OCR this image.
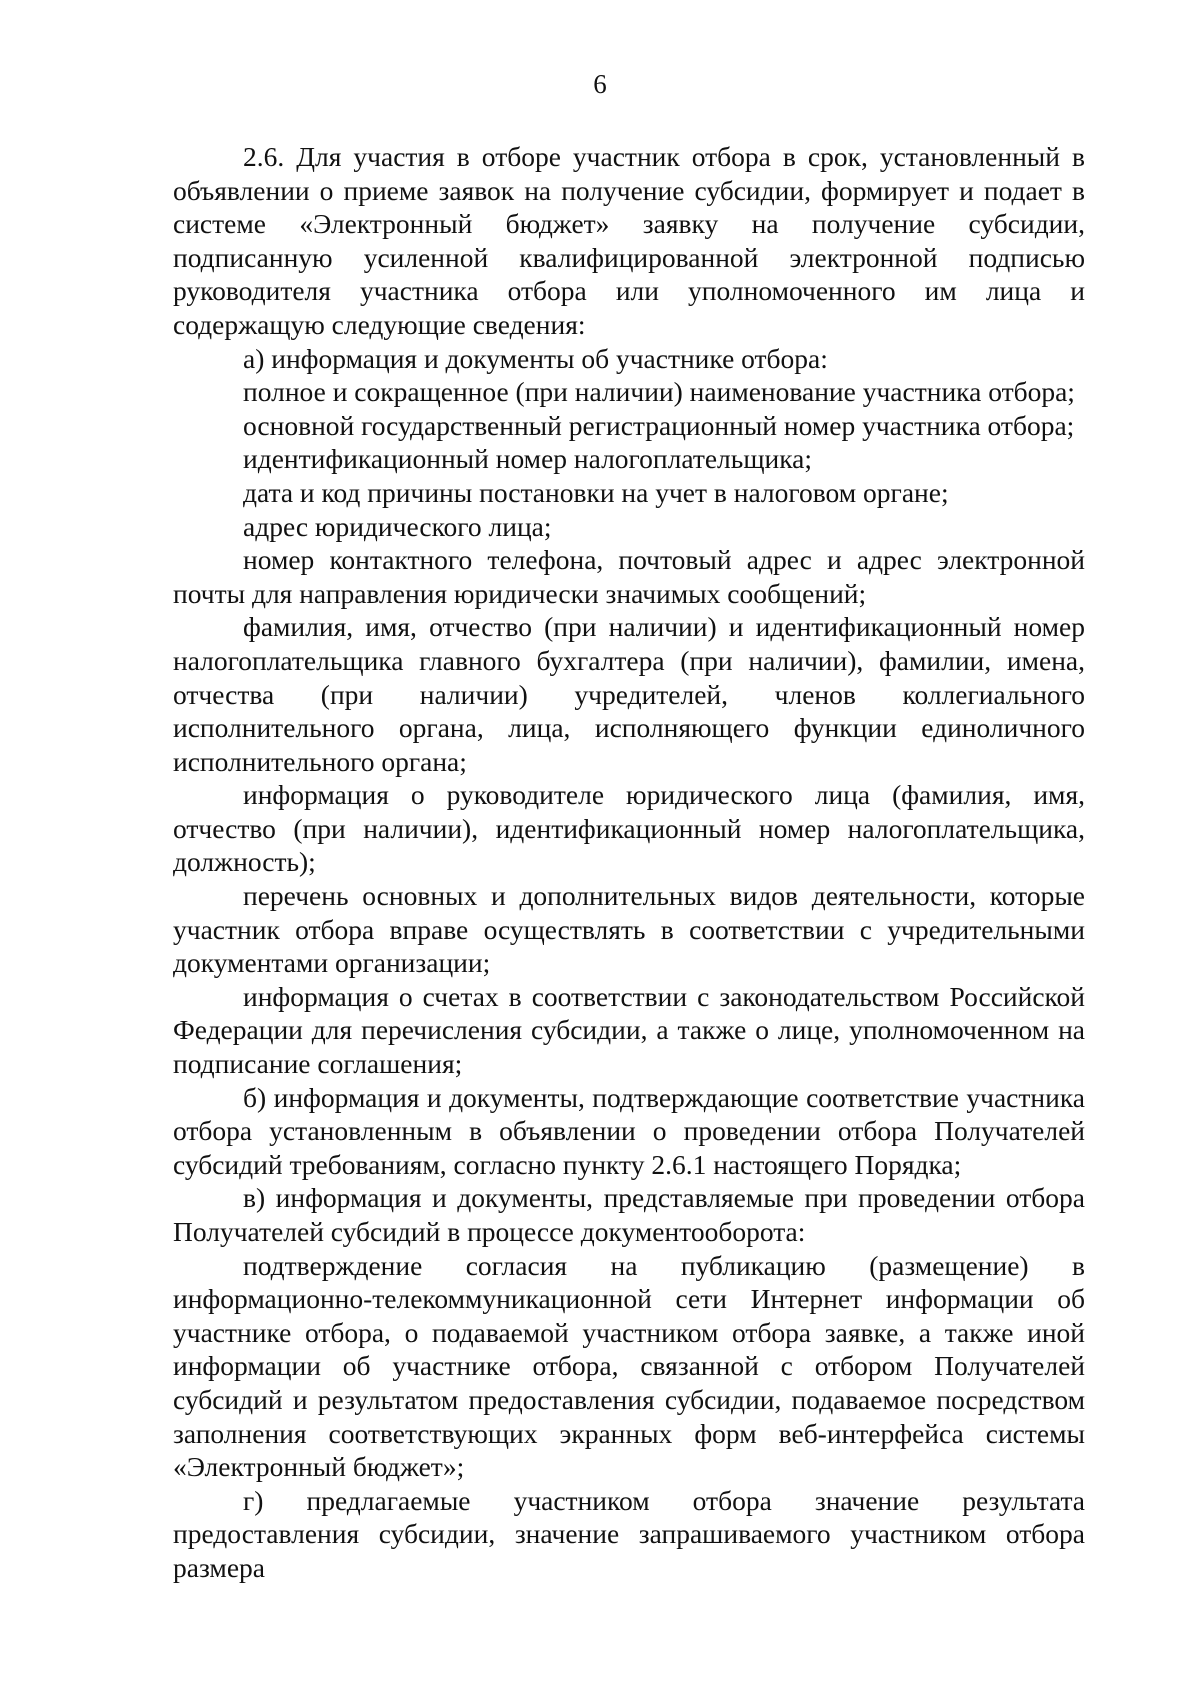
6

2.6. Для участия в отборе участник отбора в срок, установленный в объявлении о приеме заявок на получение субсидии, формирует и подает в системе «Электронный бюджет» заявку на получение субсидии, подписанную усиленной квалифицированной электронной подписью руководителя участника отбора или уполномоченного им лица и содержащую следующие сведения:

а) информация и документы об участнике отбора:

полное и сокращенное (при наличии) наименование участника отбора;

основной государственный регистрационный номер участника отбора;

идентификационный номер налогоплательщика;

дата и код причины постановки на учет в налоговом органе;

адрес юридического лица;

номер контактного телефона, почтовый адрес и адрес электронной почты для направления юридически значимых сообщений;

фамилия, имя, отчество (при наличии) и идентификационный номер налогоплательщика главного бухгалтера (при наличии), фамилии, имена, отчества (при наличии) учредителей, членов коллегиального исполнительного органа, лица, исполняющего функции единоличного исполнительного органа;

информация о руководителе юридического лица (фамилия, имя, отчество (при наличии), идентификационный номер налогоплательщика, должность);

перечень основных и дополнительных видов деятельности, которые участник отбора вправе осуществлять в соответствии с учредительными документами организации;

информация о счетах в соответствии с законодательством Российской Федерации для перечисления субсидии, а также о лице, уполномоченном на подписание соглашения;

б) информация и документы, подтверждающие соответствие участника отбора установленным в объявлении о проведении отбора Получателей субсидий требованиям, согласно пункту 2.6.1 настоящего Порядка;

в) информация и документы, представляемые при проведении отбора Получателей субсидий в процессе документооборота:

подтверждение согласия на публикацию (размещение) в информационно-телекоммуникационной сети Интернет информации об участнике отбора, о подаваемой участником отбора заявке, а также иной информации об участнике отбора, связанной с отбором Получателей субсидий и результатом предоставления субсидии, подаваемое посредством заполнения соответствующих экранных форм веб-интерфейса системы «Электронный бюджет»;

г) предлагаемые участником отбора значение результата предоставления субсидии, значение запрашиваемого участником отбора размера
